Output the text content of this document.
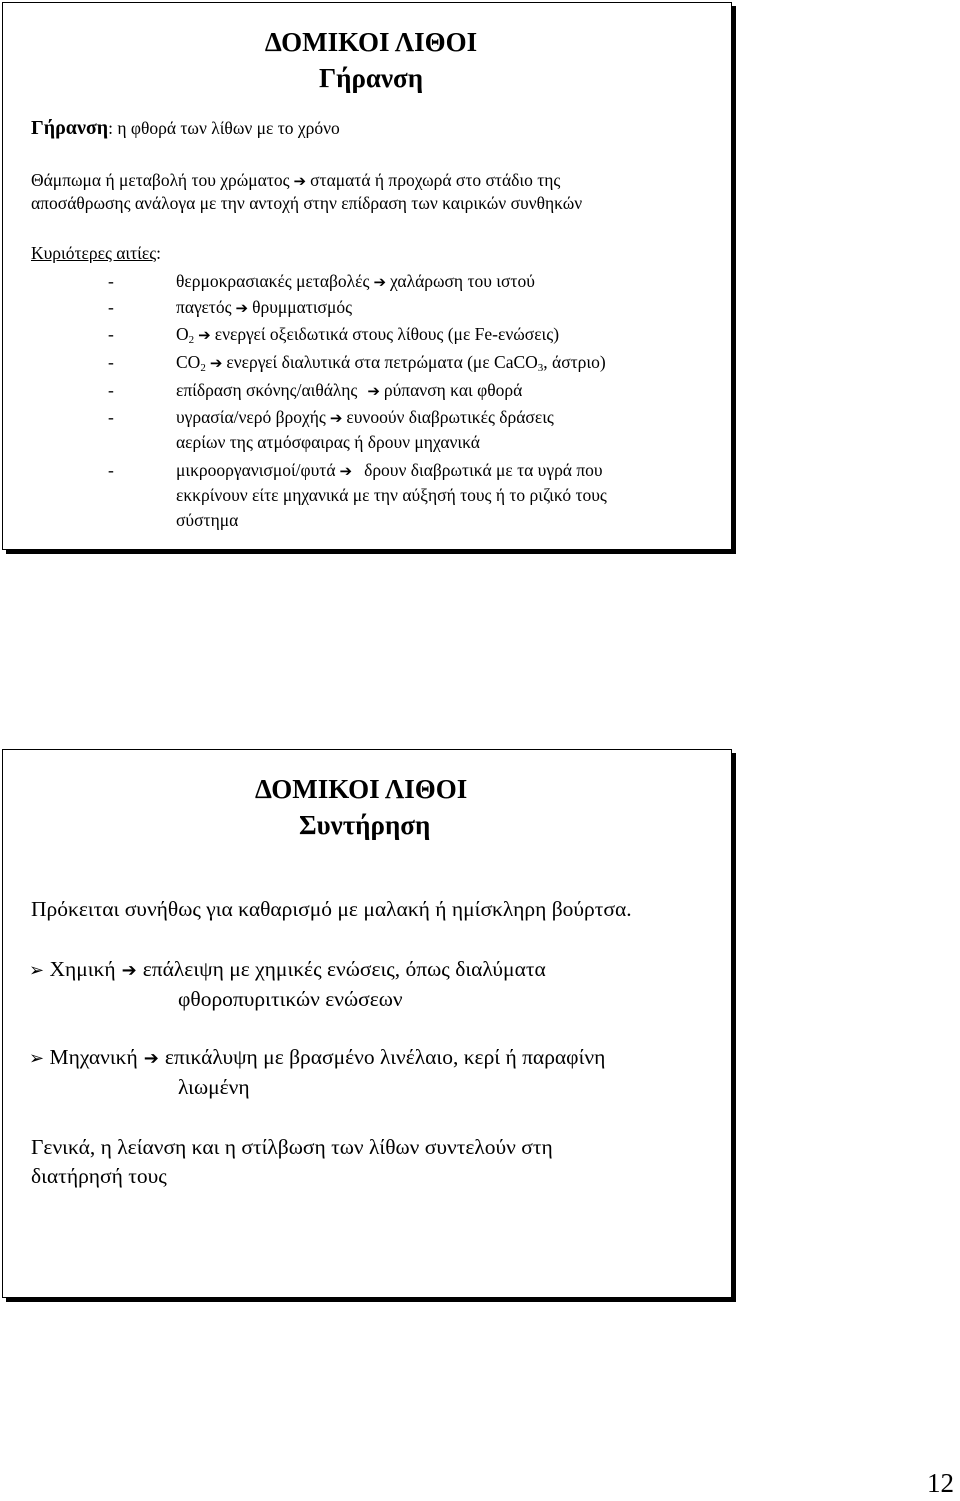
ΔΟΜΙΚΟΙ ΛΙΘΟΙ
Γήρανση
Γήρανση: η φθορά των λίθων με το χρόνο
Θάμπωμα ή μεταβολή του χρώματος ➔ σταματά ή προχωρά στο στάδιο της
αποσάθρωσης ανάλογα με την αντοχή στην επίδραση των καιρικών συνθηκών
Κυριότερες αιτίες:
-	θερμοκρασιακές μεταβολές ➔ χαλάρωση του ιστού
-	παγετός ➔ θρυμματισμός
-	$O_2$ ➔ ενεργεί οξειδωτικά στους λίθους (με Fe-ενώσεις)
-	$CO_2$ ➔ ενεργεί διαλυτικά στα πετρώματα (με CaCO$_3$, άστριο)
-	επίδραση σκόνης/αιθάλης ➔ ρύπανση και φθορά
-	υγρασία/νερό βροχής ➔ ευνοούν διαβρωτικές δράσεις
αερίων της ατμόσφαιρας ή δρουν μηχανικά
-	μικροοργανισμοί/φυτά ➔ δρουν διαβρωτικά με τα υγρά που
εκκρίνουν είτε μηχανικά με την αύξησή τους ή το ριζικό τους
σύστημα
ΔΟΜΙΚΟΙ ΛΙΘΟΙ
Συντήρηση
Πρόκειται συνήθως για καθαρισμό με μαλακή ή ημίσκληρη βούρτσα.
➢ Χημική ➔ επάλειψη με χημικές ενώσεις, όπως διαλύματα
φθοροπυριτικών ενώσεων
➢ Μηχανική ➔ επικάλυψη με βρασμένο λινέλαιο, κερί ή παραφίνη
λιωμένη
Γενικά, η λείανση και η στίλβωση των λίθων συντελούν στη
διατήρησή τους
12
